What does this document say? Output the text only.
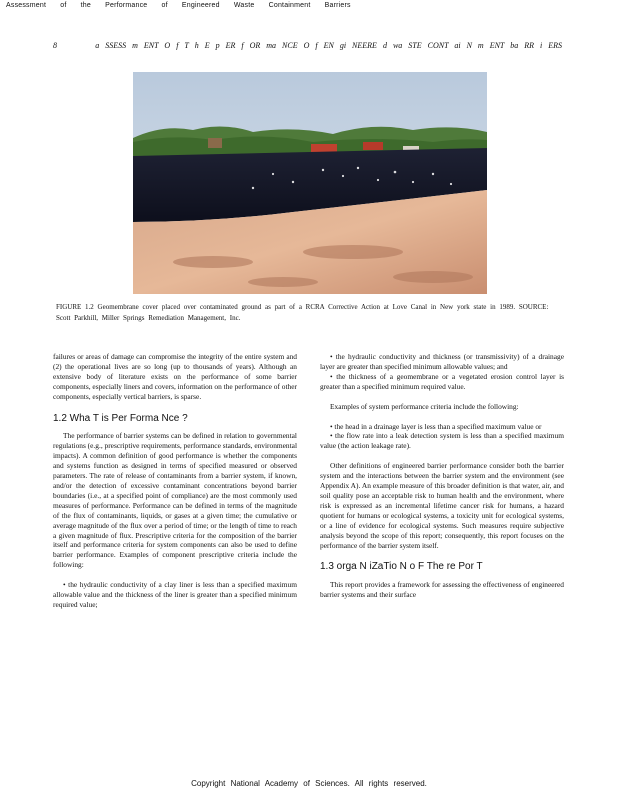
Assessment of the Performance of Engineered Waste Containment Barriers
8	a SSESS m ENT O f T h E p ER f OR ma NCE O f EN gi NEERE d wa STE CONT ai N m ENT ba RR i ERS
FIGURE 1.2 Geomembrane cover placed over contaminated ground as part of a RCRA Corrective Action at Love Canal in New york state in 1989. SOURCE: Scott Parkhill, Miller Springs Remediation Management, Inc.

failures or areas of damage can compromise the integrity of the entire system and (2) the operational lives are so long (up to thousands of years). Although an extensive body of literature exists on the performance of some barrier components, especially liners and covers, information on the performance of other components, especially vertical barriers, is sparse.

1.2 Wha T is Per Forma Nce ?

The performance of barrier systems can be defined in relation to governmental regulations (e.g., prescriptive requirements, performance standards, environmental impacts). A common definition of good performance is whether the components and systems function as designed in terms of specified measured or observed parameters. The rate of release of contaminants from a barrier system, if known, and/or the detection of excessive contaminant concentrations beyond barrier boundaries (i.e., at a specified point of compliance) are the most commonly used measures of performance. Performance can be defined in terms of the magnitude of the flux of contaminants, liquids, or gases at a given time; the cumulative or average magnitude of the flux over a period of time; or the length of time to reach a given magnitude of flux. Prescriptive criteria for the composition of the barrier itself and performance criteria for system components can also be used to define barrier performance. Examples of component prescriptive criteria include the following:

• the hydraulic conductivity of a clay liner is less than a specified maximum allowable value and the thickness of the liner is greater than a specified minimum required value;

• the hydraulic conductivity and thickness (or transmissivity) of a drainage layer are greater than specified minimum allowable values; and

• the thickness of a geomembrane or a vegetated erosion control layer is greater than a specified minimum required value.

Examples of system performance criteria include the following:

• the head in a drainage layer is less than a specified maximum value or

• the flow rate into a leak detection system is less than a specified maximum value (the action leakage rate).

Other definitions of engineered barrier performance consider both the barrier system and the interactions between the barrier system and the environment (see Appendix A). An example measure of this broader definition is that water, air, and soil quality pose an acceptable risk to human health and the environment, where risk is expressed as an incremental lifetime cancer risk for humans, a hazard quotient for humans or ecological systems, a toxicity unit for ecological systems, or a line of evidence for ecological systems. Such measures require subjective analysis beyond the scope of this report; consequently, this report focuses on the performance of the barrier system itself.

1.3 orga N iZaTio N o F The re Por T

This report provides a framework for assessing the effectiveness of engineered barrier systems and their surface

Copyright National Academy of Sciences. All rights reserved.
